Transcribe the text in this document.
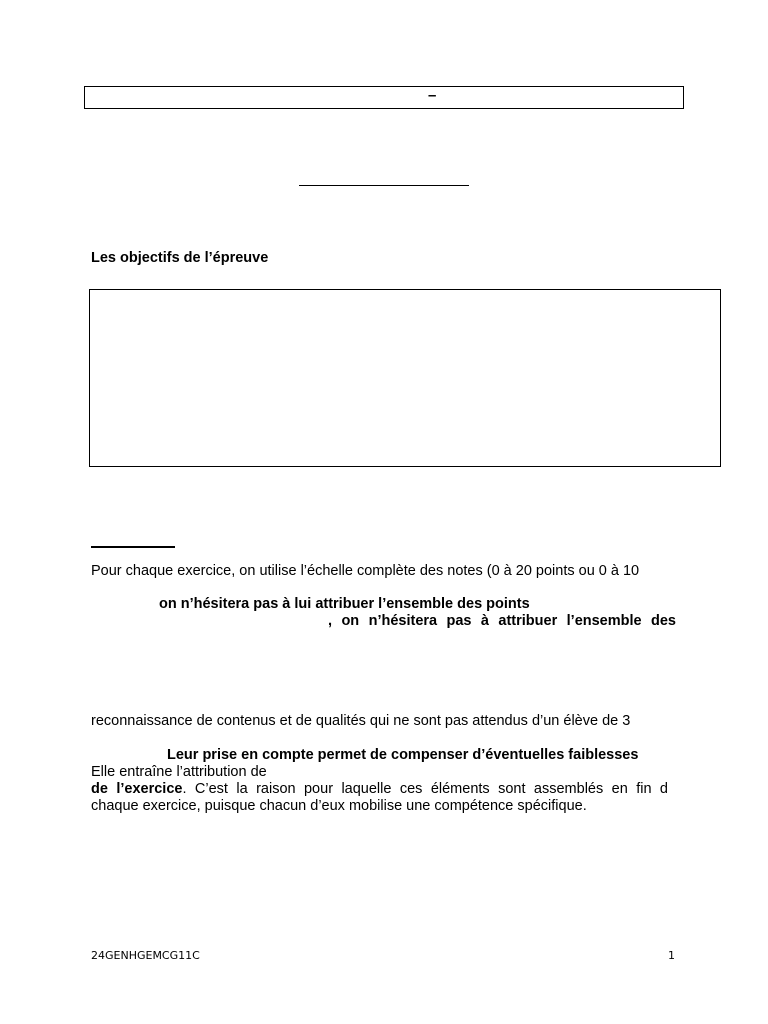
–
Les objectifs de l’épreuve
Pour chaque exercice, on utilise l’échelle complète des notes (0 à 20 points ou 0 à 10
on n’hésitera pas à lui attribuer l’ensemble des points
, on n’hésitera pas à attribuer l’ensemble des
reconnaissance de contenus et de qualités qui ne sont pas attendus d’un élève de 3
Leur prise en compte permet de compenser d’éventuelles faiblesses
Elle entraîne l’attribution de
de l’exercice. C’est la raison pour laquelle ces éléments sont assemblés en fin d
chaque exercice, puisque chacun d’eux mobilise une compétence spécifique.
24GENHGEMCG11C	1
